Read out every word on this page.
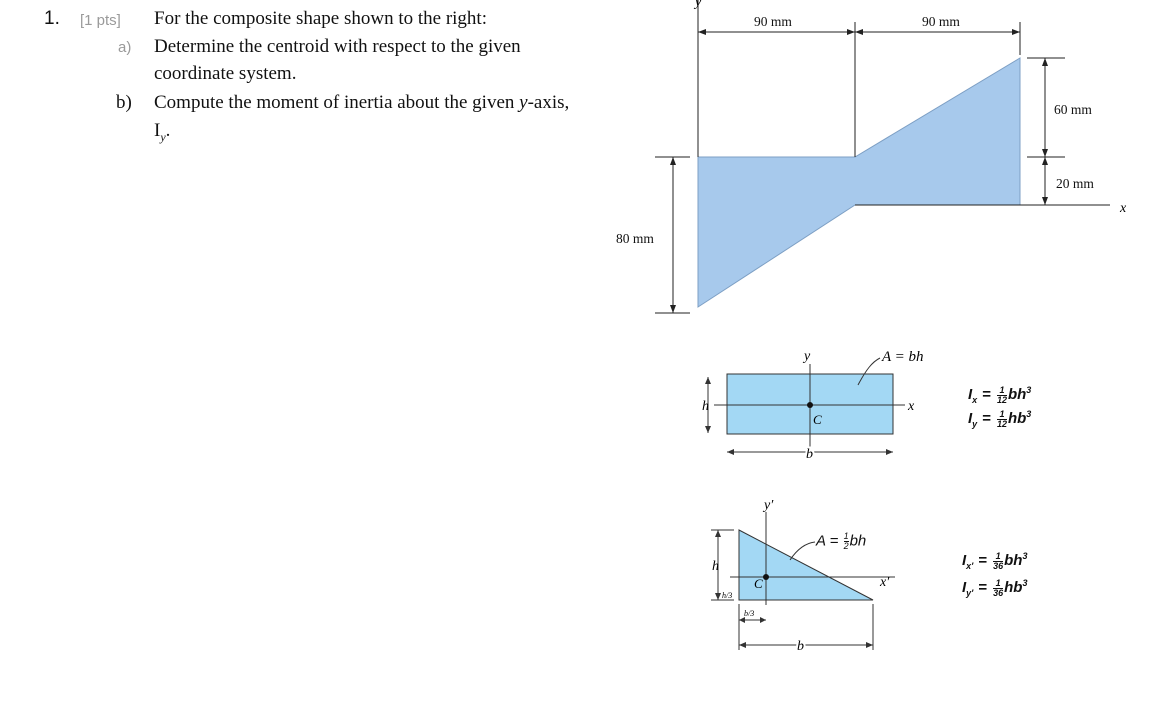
1. [1 pts] For the composite shape shown to the right:
a) Determine the centroid with respect to the given
coordinate system.
b) Compute the moment of inertia about the given y-axis,
$I_y$.
y
x
y
x
h
b
C
A = bh
y′
x′
h
b
C
h/3
b/3
90 mm	90 mm
60 mm
20 mm
80 mm
$A = \frac{1}{2}$ bh
$I_x = \frac{1}{12} bh^3$
$I_y = \frac{1}{12} hb^3$
$I_{x'} = \frac{1}{36} bh^3$
$I_{y'} = \frac{1}{36} hb^3$
